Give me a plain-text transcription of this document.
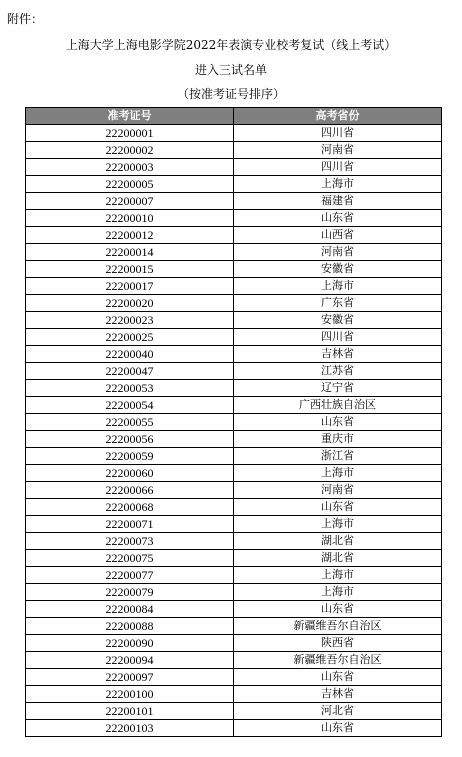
附件：
上海大学上海电影学院2022年表演专业校考复试（线上考试）
进入三试名单
（按准考证号排序）
准考证号	高考省份
22200001	四川省
22200002	河南省
22200003	四川省
22200005	上海市
22200007	福建省
22200010	山东省
22200012	山西省
22200014	河南省
22200015	安徽省
22200017	上海市
22200020	广东省
22200023	安徽省
22200025	四川省
22200040	吉林省
22200047	江苏省
22200053	辽宁省
22200054	广西壮族自治区
22200055	山东省
22200056	重庆市
22200059	浙江省
22200060	上海市
22200066	河南省
22200068	山东省
22200071	上海市
22200073	湖北省
22200075	湖北省
22200077	上海市
22200079	上海市
22200084	山东省
22200088	新疆维吾尔自治区
22200090	陕西省
22200094	新疆维吾尔自治区
22200097	山东省
22200100	吉林省
22200101	河北省
22200103	山东省
